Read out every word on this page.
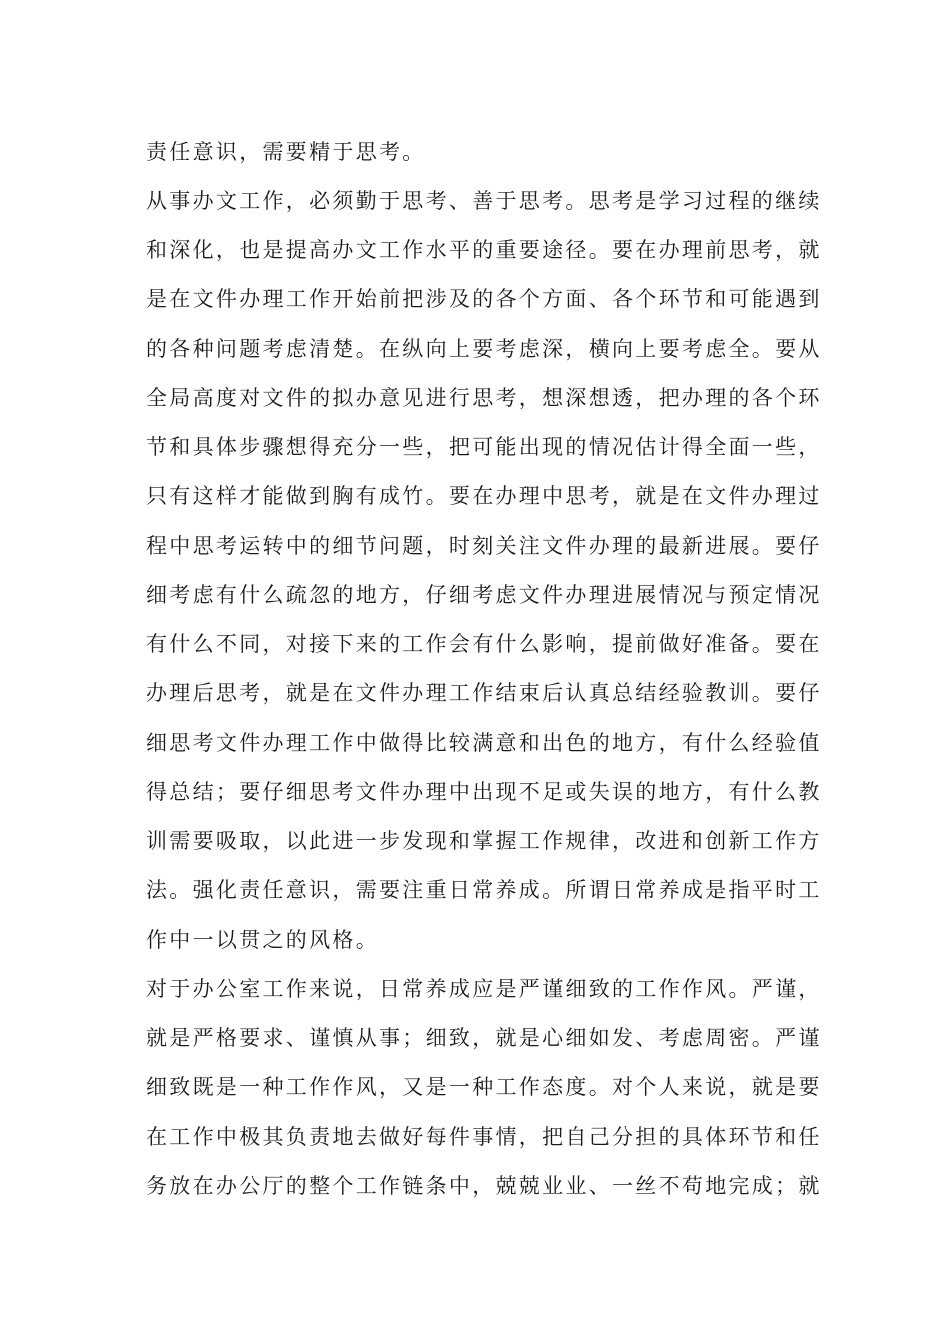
责任意识，需要精于思考。
从事办文工作，必须勤于思考、善于思考。思考是学习过程的继续
和深化，也是提高办文工作水平的重要途径。要在办理前思考，就
是在文件办理工作开始前把涉及的各个方面、各个环节和可能遇到
的各种问题考虑清楚。在纵向上要考虑深，横向上要考虑全。要从
全局高度对文件的拟办意见进行思考，想深想透，把办理的各个环
节和具体步骤想得充分一些，把可能出现的情况估计得全面一些，
只有这样才能做到胸有成竹。要在办理中思考，就是在文件办理过
程中思考运转中的细节问题，时刻关注文件办理的最新进展。要仔
细考虑有什么疏忽的地方，仔细考虑文件办理进展情况与预定情况
有什么不同，对接下来的工作会有什么影响，提前做好准备。要在
办理后思考，就是在文件办理工作结束后认真总结经验教训。要仔
细思考文件办理工作中做得比较满意和出色的地方，有什么经验值
得总结；要仔细思考文件办理中出现不足或失误的地方，有什么教
训需要吸取，以此进一步发现和掌握工作规律，改进和创新工作方
法。强化责任意识，需要注重日常养成。所谓日常养成是指平时工
作中一以贯之的风格。
对于办公室工作来说，日常养成应是严谨细致的工作作风。严谨，
就是严格要求、谨慎从事；细致，就是心细如发、考虑周密。严谨
细致既是一种工作作风，又是一种工作态度。对个人来说，就是要
在工作中极其负责地去做好每件事情，把自己分担的具体环节和任
务放在办公厅的整个工作链条中，兢兢业业、一丝不苟地完成；就
